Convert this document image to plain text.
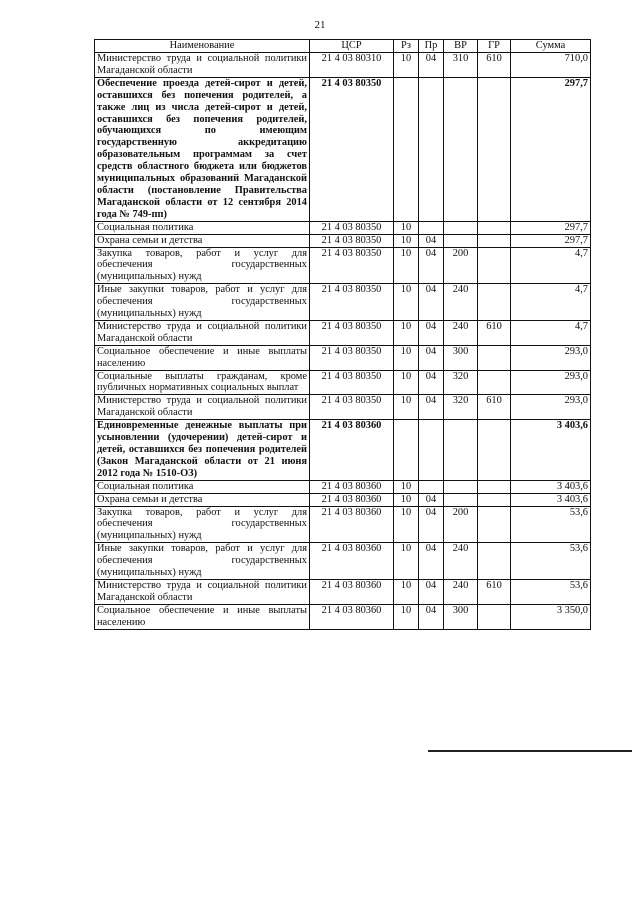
21
Наименование	ЦСР	Рз	Пр	ВР	ГР	Сумма
Министерство труда и социальной политики Магаданской области	21 4 03 80310	10	04	310	610	710,0
Обеспечение проезда детей-сирот и детей, оставшихся без попечения родителей, а также лиц из числа детей-сирот и детей, оставшихся без попечения родителей, обучающихся по имеющим государственную аккредитацию образовательным программам за счет средств областного бюджета или бюджетов муниципальных образований Магаданской области (постановление Правительства Магаданской области от 12 сентября 2014 года № 749-пп)	21 4 03 80350					297,7
Социальная политика	21 4 03 80350	10				297,7
Охрана семьи и детства	21 4 03 80350	10	04			297,7
Закупка товаров, работ и услуг для обеспечения государственных (муниципальных) нужд	21 4 03 80350	10	04	200		4,7
Иные закупки товаров, работ и услуг для обеспечения государственных (муниципальных) нужд	21 4 03 80350	10	04	240		4,7
Министерство труда и социальной политики Магаданской области	21 4 03 80350	10	04	240	610	4,7
Социальное обеспечение и иные выплаты населению	21 4 03 80350	10	04	300		293,0
Социальные выплаты гражданам, кроме публичных нормативных социальных выплат	21 4 03 80350	10	04	320		293,0
Министерство труда и социальной политики Магаданской области	21 4 03 80350	10	04	320	610	293,0
Единовременные денежные выплаты при усыновлении (удочерении) детей-сирот и детей, оставшихся без попечения родителей (Закон Магаданской области от 21 июня 2012 года № 1510-ОЗ)	21 4 03 80360					3 403,6
Социальная политика	21 4 03 80360	10				3 403,6
Охрана семьи и детства	21 4 03 80360	10	04			3 403,6
Закупка товаров, работ и услуг для обеспечения государственных (муниципальных) нужд	21 4 03 80360	10	04	200		53,6
Иные закупки товаров, работ и услуг для обеспечения государственных (муниципальных) нужд	21 4 03 80360	10	04	240		53,6
Министерство труда и социальной политики Магаданской области	21 4 03 80360	10	04	240	610	53,6
Социальное обеспечение и иные выплаты населению	21 4 03 80360	10	04	300		3 350,0
